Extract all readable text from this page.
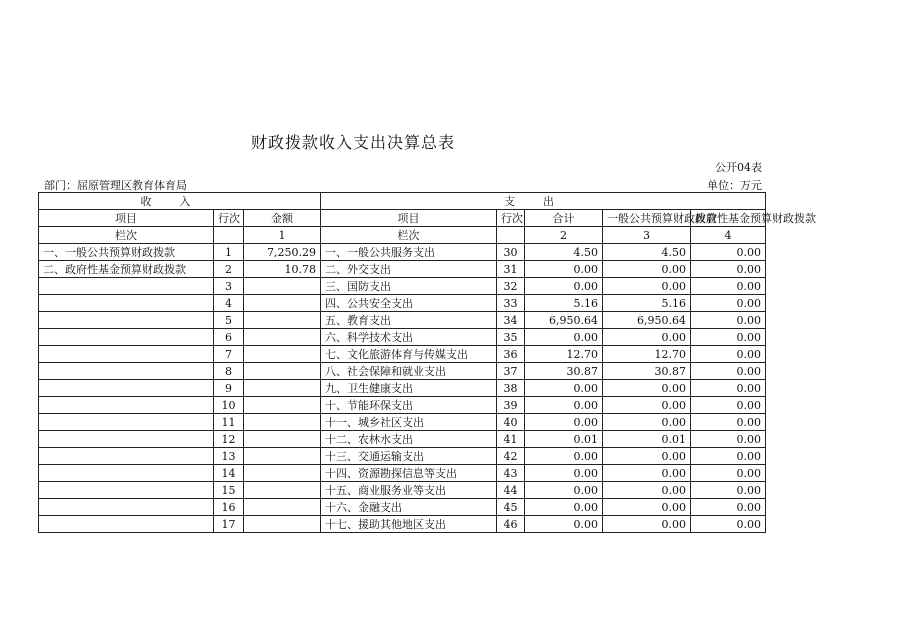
财政拨款收入支出决算总表
公开04表
部门：屈原管理区教育体育局	单位：万元
收入			支出				
项目	行次	金额	项目	行次	合计	一般公共预算财政拨款	政府性基金预算财政拨款
栏次		1	栏次		2	3	4
一、一般公共预算财政拨款	1	7,250.29	一、一般公共服务支出	30	4.50	4.50	0.00
二、政府性基金预算财政拨款	2	10.78	二、外交支出	31	0.00	0.00	0.00
	3		三、国防支出	32	0.00	0.00	0.00
	4		四、公共安全支出	33	5.16	5.16	0.00
	5		五、教育支出	34	6,950.64	6,950.64	0.00
	6		六、科学技术支出	35	0.00	0.00	0.00
	7		七、文化旅游体育与传媒支出	36	12.70	12.70	0.00
	8		八、社会保障和就业支出	37	30.87	30.87	0.00
	9		九、卫生健康支出	38	0.00	0.00	0.00
	10		十、节能环保支出	39	0.00	0.00	0.00
	11		十一、城乡社区支出	40	0.00	0.00	0.00
	12		十二、农林水支出	41	0.01	0.01	0.00
	13		十三、交通运输支出	42	0.00	0.00	0.00
	14		十四、资源勘探信息等支出	43	0.00	0.00	0.00
	15		十五、商业服务业等支出	44	0.00	0.00	0.00
	16		十六、金融支出	45	0.00	0.00	0.00
	17		十七、援助其他地区支出	46	0.00	0.00	0.00
